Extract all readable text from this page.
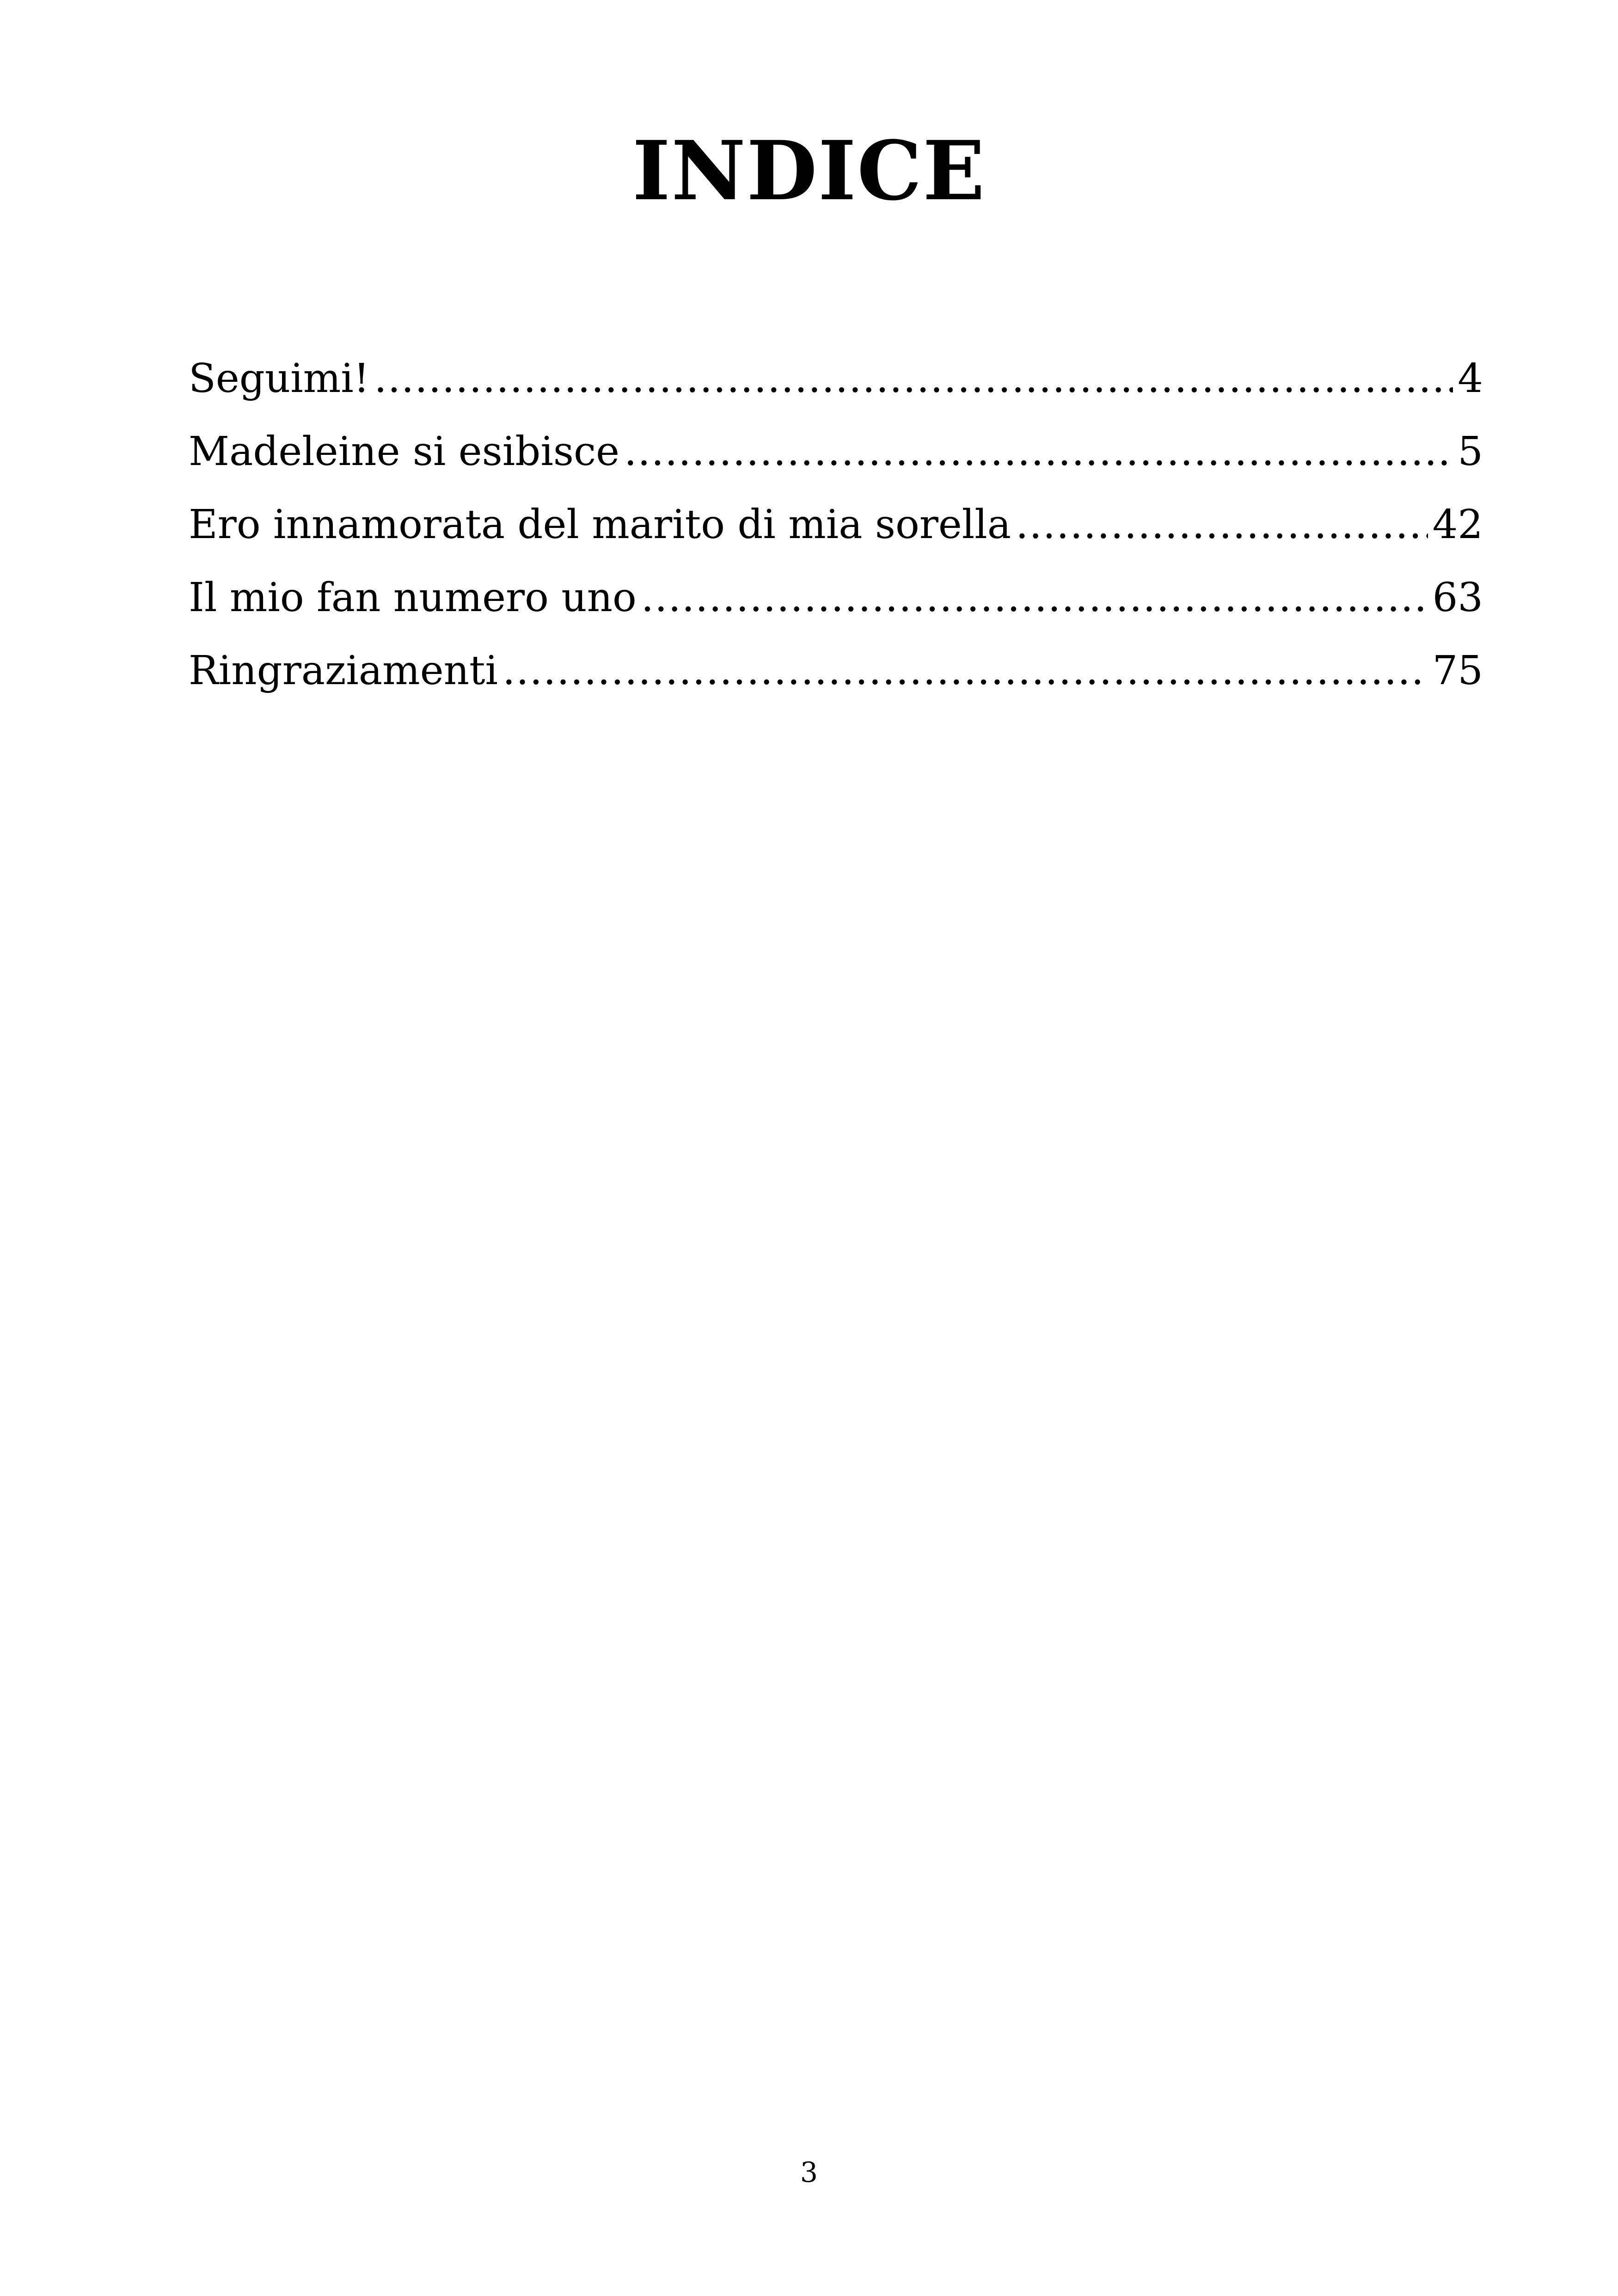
INDICE
Seguimi! .....	4
Madeleine si esibisce .....	5
Ero innamorata del marito di mia sorella .....	42
Il mio fan numero uno .....	63
Ringraziamenti .....	75
3
